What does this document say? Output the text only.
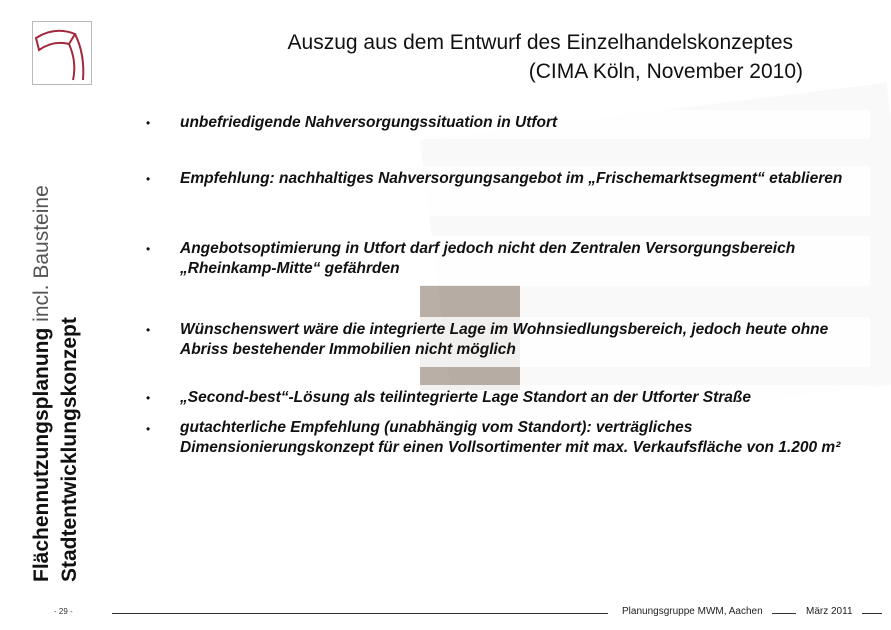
Flächennutzungsplanung incl. Bausteine
Stadtentwicklungskonzept
Auszug aus dem Entwurf des Einzelhandelskonzeptes
(CIMA Köln, November 2010)
• unbefriedigende Nahversorgungssituation in Utfort
• Empfehlung: nachhaltiges Nahversorgungsangebot im „Frischemarktsegment“ etablieren
• Angebotsoptimierung in Utfort darf jedoch nicht den Zentralen Versorgungsbereich „Rheinkamp-Mitte“ gefährden
• Wünschenswert wäre die integrierte Lage im Wohnsiedlungsbereich, jedoch heute ohne Abriss bestehender Immobilien nicht möglich
• „Second-best“-Lösung als teilintegrierte Lage Standort an der Utforter Straße
• gutachterliche Empfehlung (unabhängig vom Standort): verträgliches Dimensionierungskonzept für einen Vollsortimenter mit max. Verkaufsfläche von 1.200 m²
- 29 -	Planungsgruppe MWM, Aachen	März 2011
